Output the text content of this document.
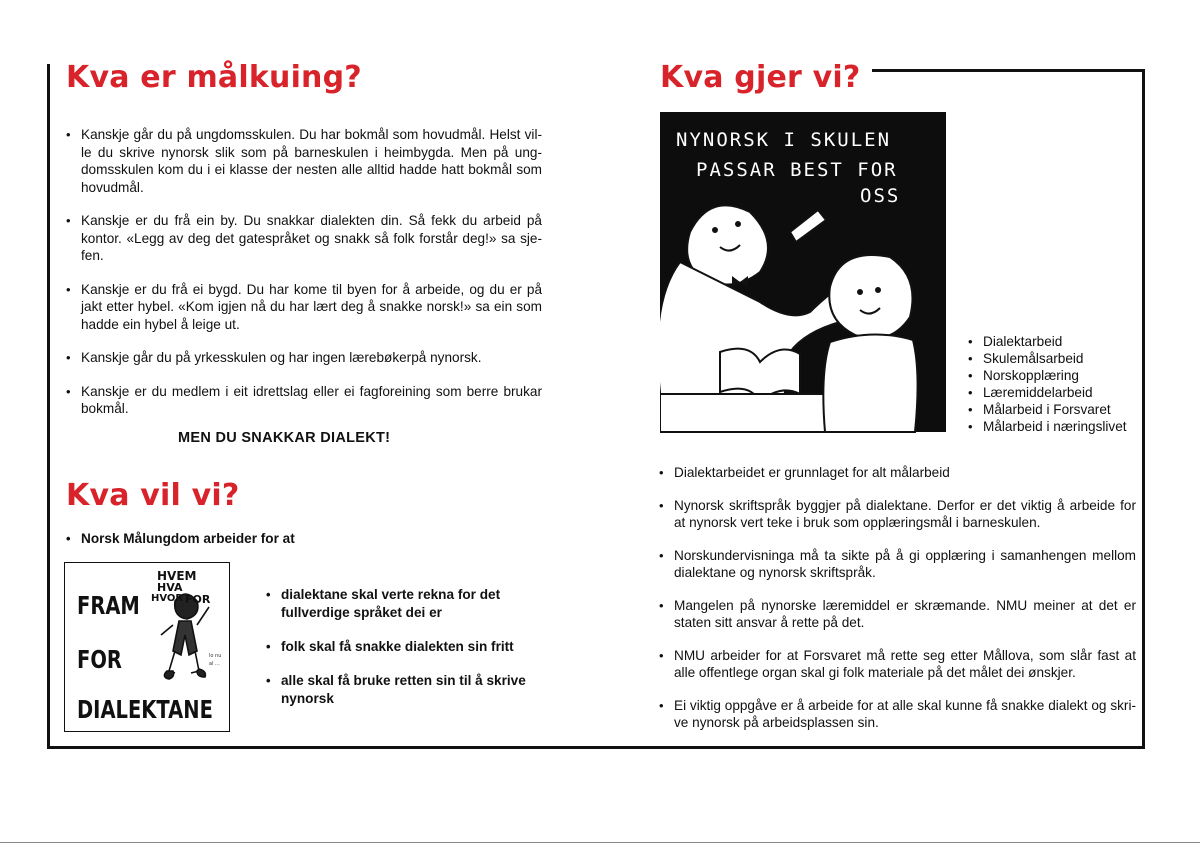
Kva er målkuing?
• Kanskje går du på ungdomsskulen. Du har bokmål som hovudmål. Helst vil-le du skrive nynorsk slik som på barneskulen i heimbygda. Men på ung-domsskulen kom du i ei klasse der nesten alle alltid hadde hatt bokmål som hovudmål.
• Kanskje er du frå ein by. Du snakkar dialekten din. Så fekk du arbeid på kontor. «Legg av deg det gatespråket og snakk så folk forstår deg!» sa sje-fen.
• Kanskje er du frå ei bygd. Du har kome til byen for å arbeide, og du er på jakt etter hybel. «Kom igjen nå du har lært deg å snakke norsk!» sa ein som hadde ein hybel å leige ut.
• Kanskje går du på yrkesskulen og har ingen lærebøkerpå nynorsk.
• Kanskje er du medlem i eit idrettslag eller ei fagforeining som berre brukar bokmål.
MEN DU SNAKKAR DIALEKT!
Kva vil vi?
• Norsk Målungdom arbeider for at
FRAM
FOR
DIALEKTANE
lo nu
al ...
HVEM
HVA
HVOR FOR
•	dialektane skal verte rekna for det fullverdige språket dei er
• folk skal få snakke dialekten sin fritt
• alle skal få bruke retten sin til å skrive nynorsk
Kva gjer vi?
NYNORSK I SKULEN
PASSAR BEST FOR
OSS
• Dialektarbeid
• Skulemålsarbeid
• Norskopplæring
• Læremiddelarbeid
• Målarbeid i Forsvaret
• Målarbeid i næringslivet
• Dialektarbeidet er grunnlaget for alt målarbeid
• Nynorsk skriftspråk byggjer på dialektane. Derfor er det viktig å arbeide for at nynorsk vert teke i bruk som opplæringsmål i barneskulen.
• Norskundervisninga må ta sikte på å gi opplæring i samanhengen mellom dialektane og nynorsk skriftspråk.
• Mangelen på nynorske læremiddel er skræmande. NMU meiner at det er staten sitt ansvar å rette på det.
• NMU arbeider for at Forsvaret må rette seg etter Mållova, som slår fast at alle offentlege organ skal gi folk materiale på det målet dei ønskjer.
• Ei viktig oppgåve er å arbeide for at alle skal kunne få snakke dialekt og skri-ve nynorsk på arbeidsplassen sin.
